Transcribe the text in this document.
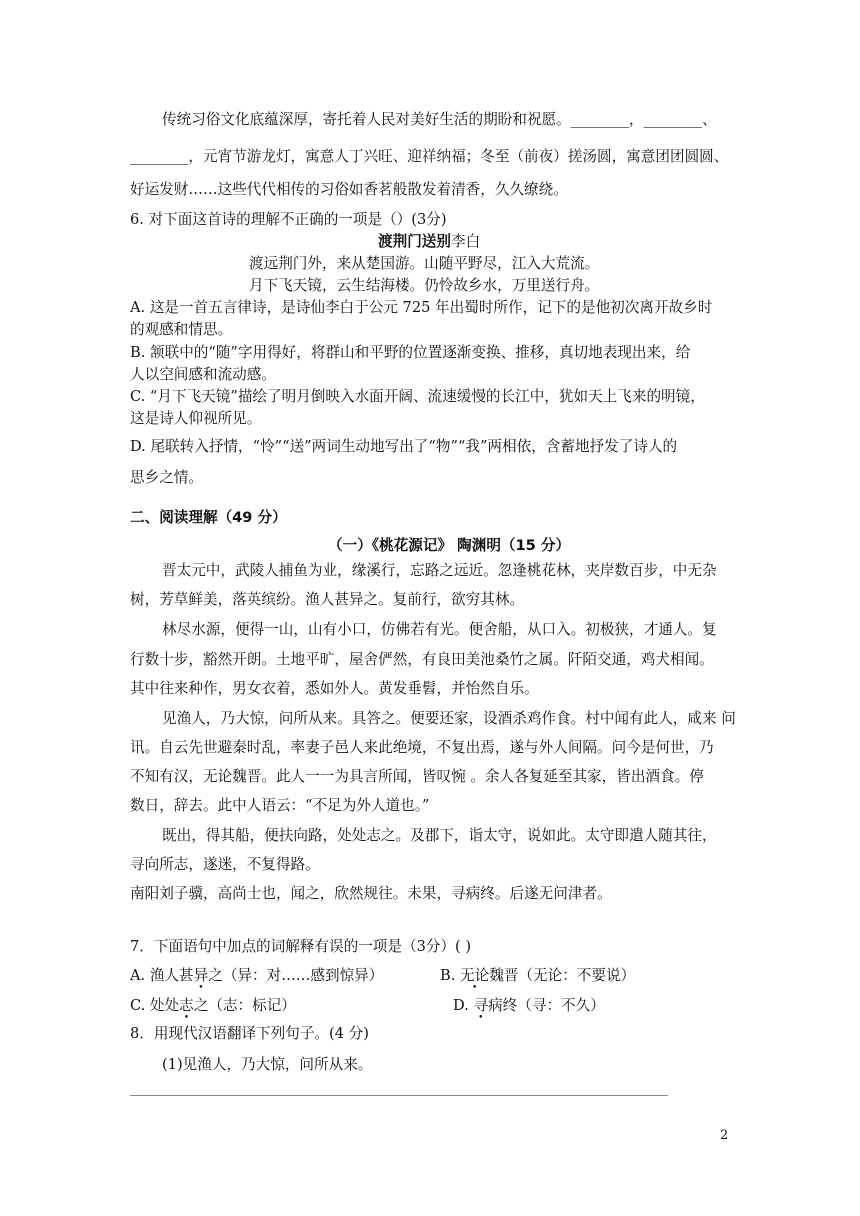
传统习俗文化底蕴深厚，寄托着人民对美好生活的期盼和祝愿。________，________、
________，元宵节游龙灯，寓意人丁兴旺、迎祥纳福；冬至（前夜）搓汤圆，寓意团团圆圆、
好运发财……这些代代相传的习俗如香茗般散发着清香，久久缭绕。
6. 对下面这首诗的理解不正确的一项是（）(3分)
渡荆门送别李白
渡远荆门外，来从楚国游。山随平野尽，江入大荒流。
月下飞天镜，云生结海楼。仍怜故乡水，万里送行舟。
A. 这是一首五言律诗，是诗仙李白于公元 725 年出蜀时所作，记下的是他初次离开故乡时
的观感和情思。
B. 颔联中的“随”字用得好，将群山和平野的位置逐渐变换、推移，真切地表现出来，给
人以空间感和流动感。
C. “月下飞天镜”描绘了明月倒映入水面开阔、流速缓慢的长江中，犹如天上飞来的明镜，
这是诗人仰视所见。
D. 尾联转入抒情，“怜”“送”两词生动地写出了“物”“我”两相依，含蓄地抒发了诗人的
思乡之情。
二、阅读理解（49 分）
（一）《桃花源记》 陶渊明（15 分）
晋太元中，武陵人捕鱼为业，缘溪行，忘路之远近。忽逢桃花林，夹岸数百步，中无杂
树，芳草鲜美，落英缤纷。渔人甚异之。复前行，欲穷其林。
林尽水源，便得一山，山有小口，仿佛若有光。便舍船，从口入。初极狭，才通人。复
行数十步，豁然开朗。土地平旷，屋舍俨然，有良田美池桑竹之属。阡陌交通，鸡犬相闻。
其中往来种作，男女衣着，悉如外人。黄发垂髫，并怡然自乐。
见渔人，乃大惊，问所从来。具答之。便要还家，设酒杀鸡作食。村中闻有此人，咸来 问
讯。自云先世避秦时乱，率妻子邑人来此绝境，不复出焉，遂与外人间隔。问今是何世，乃
不知有汉，无论魏晋。此人一一为具言所闻，皆叹惋 。余人各复延至其家，皆出酒食。停
数日，辞去。此中人语云：“不足为外人道也。”
既出，得其船，便扶向路，处处志之。及郡下，诣太守，说如此。太守即遣人随其往，
寻向所志，遂迷，不复得路。
南阳刘子骥，高尚士也，闻之，欣然规往。未果，寻病终。后遂无问津者。
7．下面语句中加点的词解释有误的一项是（3分）( )
A. 渔人甚异之（异：对……感到惊异）	B. 无论魏晋（无论：不要说）
C. 处处志之（志：标记）	D. 寻病终（寻：不久）
8．用现代汉语翻译下列句子。(4 分)
(1)见渔人，乃大惊，问所从来。
2
